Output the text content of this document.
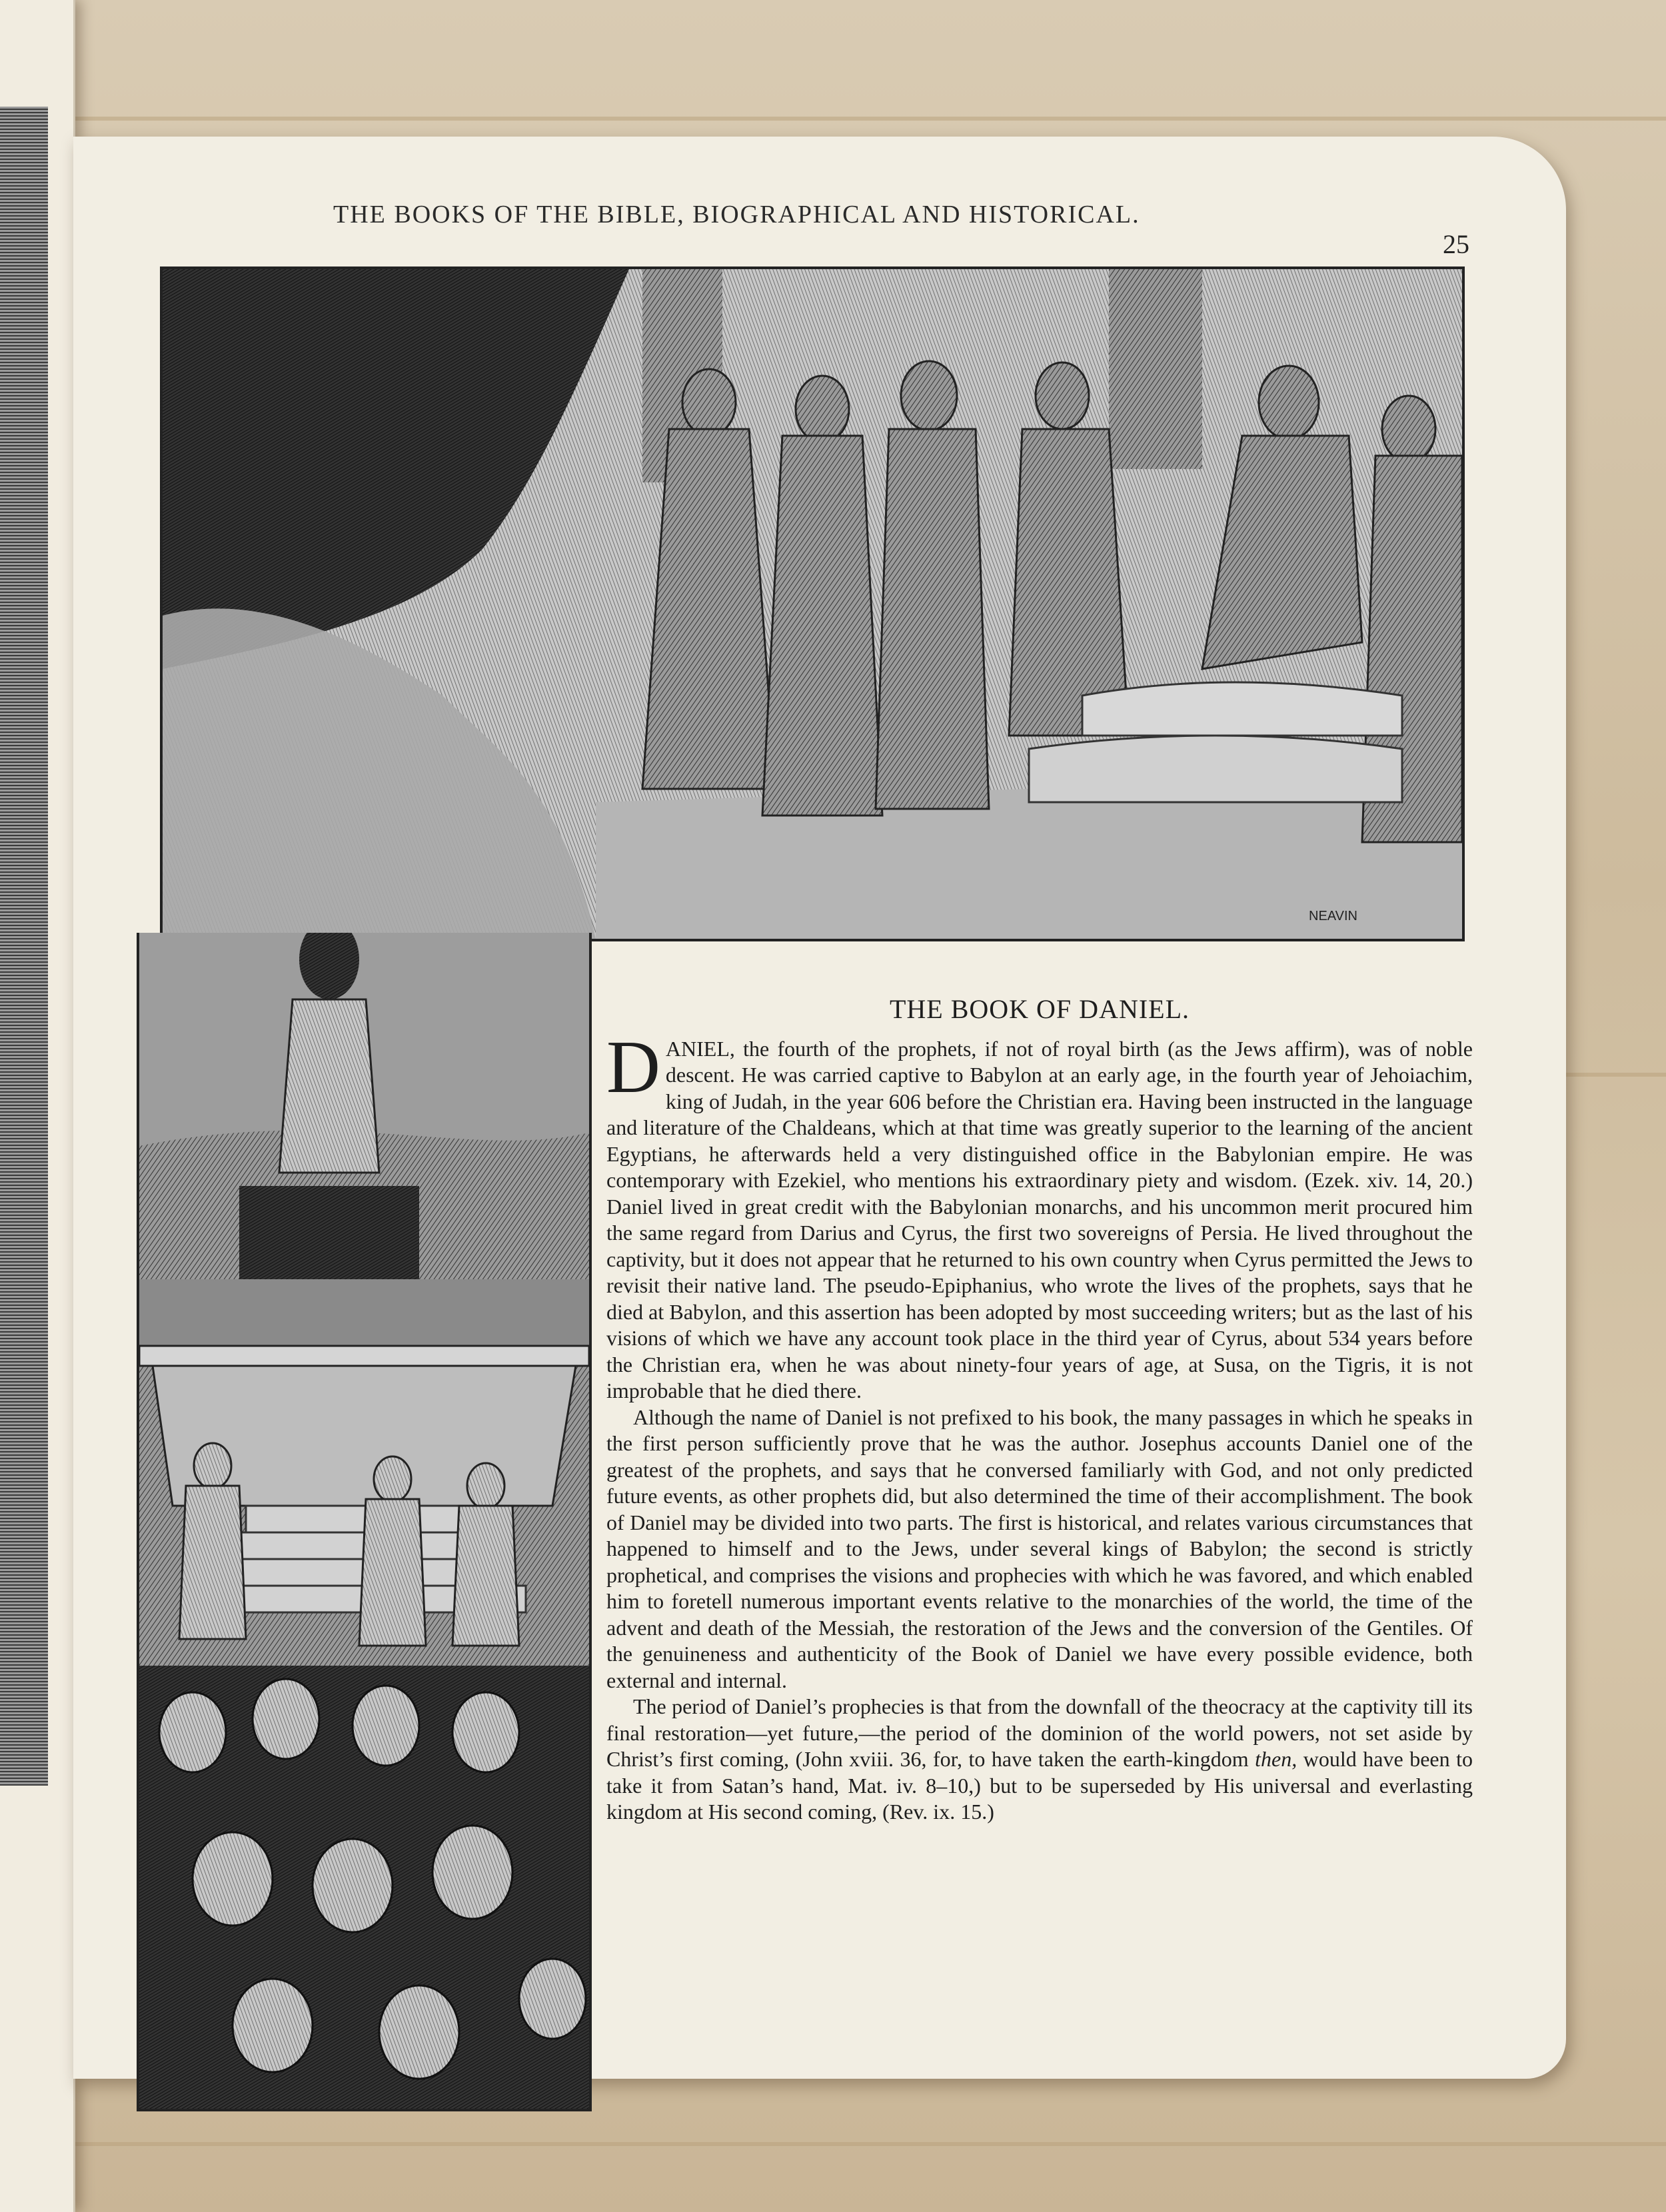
THE BOOKS OF THE BIBLE, BIOGRAPHICAL AND HISTORICAL.
25
NEAVIN
THE BOOK OF DANIEL.

DANIEL, the fourth of the prophets, if not of royal birth (as the Jews affirm), was of noble descent. He was carried captive to Babylon at an early age, in the fourth year of Jehoiachim, king of Judah, in the year 606 before the Christian era. Having been instructed in the language and literature of the Chaldeans, which at that time was greatly superior to the learning of the ancient Egyptians, he afterwards held a very distinguished office in the Babylonian empire. He was contemporary with Ezekiel, who mentions his extraordinary piety and wisdom. (Ezek. xiv. 14, 20.) Daniel lived in great credit with the Babylonian monarchs, and his uncommon merit procured him the same regard from Darius and Cyrus, the first two sovereigns of Persia. He lived throughout the captivity, but it does not appear that he returned to his own country when Cyrus permitted the Jews to revisit their native land. The pseudo-Epiphanius, who wrote the lives of the prophets, says that he died at Babylon, and this assertion has been adopted by most succeeding writers; but as the last of his visions of which we have any account took place in the third year of Cyrus, about 534 years before the Christian era, when he was about ninety-four years of age, at Susa, on the Tigris, it is not improbable that he died there.

Although the name of Daniel is not prefixed to his book, the many passages in which he speaks in the first person sufficiently prove that he was the author. Josephus accounts Daniel one of the greatest of the prophets, and says that he conversed familiarly with God, and not only predicted future events, as other prophets did, but also determined the time of their accomplishment. The book of Daniel may be divided into two parts. The first is historical, and relates various circumstances that happened to himself and to the Jews, under several kings of Babylon; the second is strictly prophetical, and comprises the visions and prophecies with which he was favored, and which enabled him to foretell numerous important events relative to the monarchies of the world, the time of the advent and death of the Messiah, the restoration of the Jews and the conversion of the Gentiles. Of the genuineness and authenticity of the Book of Daniel we have every possible evidence, both external and internal.

The period of Daniel’s prophecies is that from the downfall of the theocracy at the captivity till its final restoration—yet future,—the period of the dominion of the world powers, not set aside by Christ’s first coming, (John xviii. 36, for, to have taken the earth-kingdom then, would have been to take it from Satan’s hand, Mat. iv. 8–10,) but to be superseded by His universal and everlasting kingdom at His second coming, (Rev. ix. 15.)
